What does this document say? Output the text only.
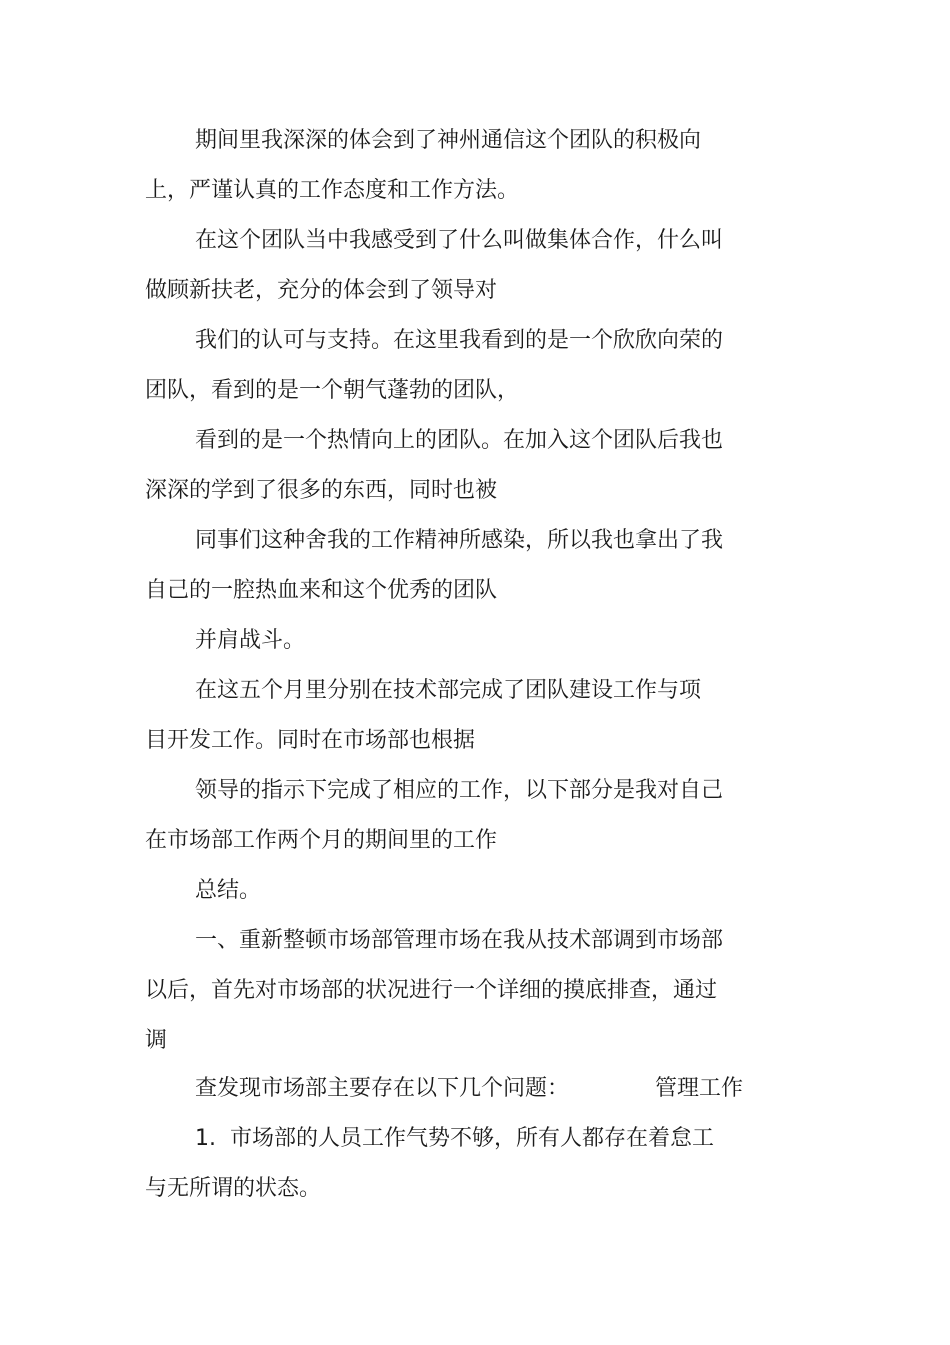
期间里我深深的体会到了神州通信这个团队的积极向
上，严谨认真的工作态度和工作方法。
在这个团队当中我感受到了什么叫做集体合作，什么叫
做顾新扶老，充分的体会到了领导对
我们的认可与支持。在这里我看到的是一个欣欣向荣的
团队，看到的是一个朝气蓬勃的团队，
看到的是一个热情向上的团队。在加入这个团队后我也
深深的学到了很多的东西，同时也被
同事们这种舍我的工作精神所感染，所以我也拿出了我
自己的一腔热血来和这个优秀的团队
并肩战斗。
在这五个月里分别在技术部完成了团队建设工作与项
目开发工作。同时在市场部也根据
领导的指示下完成了相应的工作，以下部分是我对自己
在市场部工作两个月的期间里的工作
总结。
一、重新整顿市场部管理市场在我从技术部调到市场部
以后，首先对市场部的状况进行一个详细的摸底排查，通过
调
查发现市场部主要存在以下几个问题：	管理工作
1.  市场部的人员工作气势不够，所有人都存在着怠工
与无所谓的状态。
